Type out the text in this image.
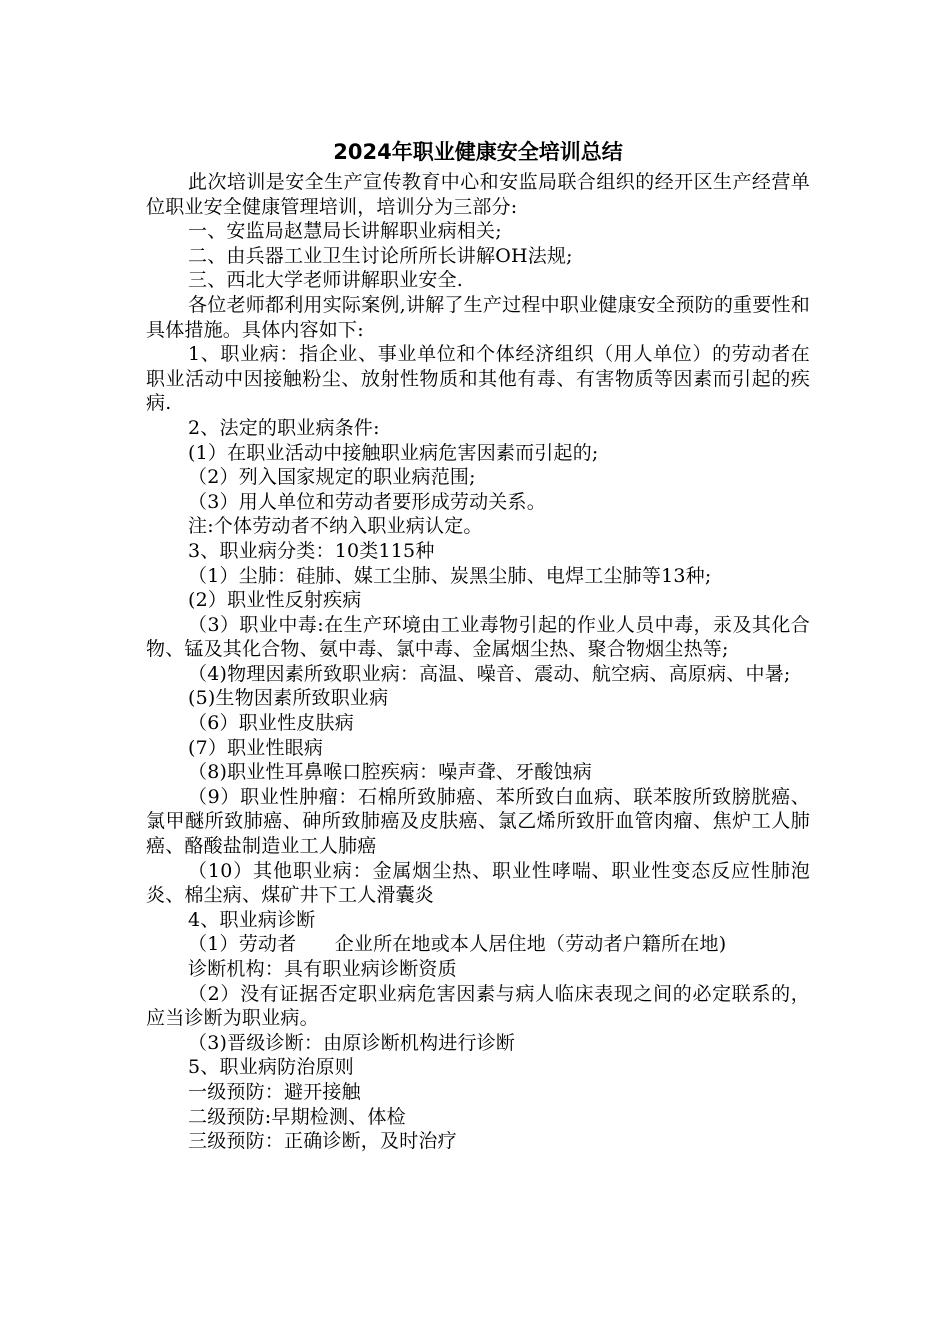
2024年职业健康安全培训总结

此次培训是安全生产宣传教育中心和安监局联合组织的经开区生产经营单位职业安全健康管理培训，培训分为三部分:

一、安监局赵慧局长讲解职业病相关;

二、由兵器工业卫生讨论所所长讲解OH法规;

三、西北大学老师讲解职业安全.

各位老师都利用实际案例,讲解了生产过程中职业健康安全预防的重要性和具体措施。具体内容如下:

1、职业病：指企业、事业单位和个体经济组织（用人单位）的劳动者在职业活动中因接触粉尘、放射性物质和其他有毒、有害物质等因素而引起的疾病.

2、法定的职业病条件:

(1）在职业活动中接触职业病危害因素而引起的;

（2）列入国家规定的职业病范围;

（3）用人单位和劳动者要形成劳动关系。

注:个体劳动者不纳入职业病认定。

3、职业病分类：10类115种

（1）尘肺：硅肺、媒工尘肺、炭黑尘肺、电焊工尘肺等13种;

(2）职业性反射疾病

（3）职业中毒:在生产环境由工业毒物引起的作业人员中毒，汞及其化合物、锰及其化合物、氨中毒、氯中毒、金属烟尘热、聚合物烟尘热等;

（4)物理因素所致职业病：高温、噪音、震动、航空病、高原病、中暑;

(5)生物因素所致职业病

（6）职业性皮肤病

(7）职业性眼病

（8)职业性耳鼻喉口腔疾病：噪声聋、牙酸蚀病

（9）职业性肿瘤：石棉所致肺癌、苯所致白血病、联苯胺所致膀胱癌、氯甲醚所致肺癌、砷所致肺癌及皮肤癌、氯乙烯所致肝血管肉瘤、焦炉工人肺癌、酪酸盐制造业工人肺癌

（10）其他职业病：金属烟尘热、职业性哮喘、职业性变态反应性肺泡炎、棉尘病、煤矿井下工人滑囊炎

4、职业病诊断

（1）劳动者　　企业所在地或本人居住地（劳动者户籍所在地)

诊断机构：具有职业病诊断资质

（2）没有证据否定职业病危害因素与病人临床表现之间的必定联系的，应当诊断为职业病。

（3)晋级诊断：由原诊断机构进行诊断

5、职业病防治原则

一级预防：避开接触

二级预防:早期检测、体检

三级预防：正确诊断，及时治疗
